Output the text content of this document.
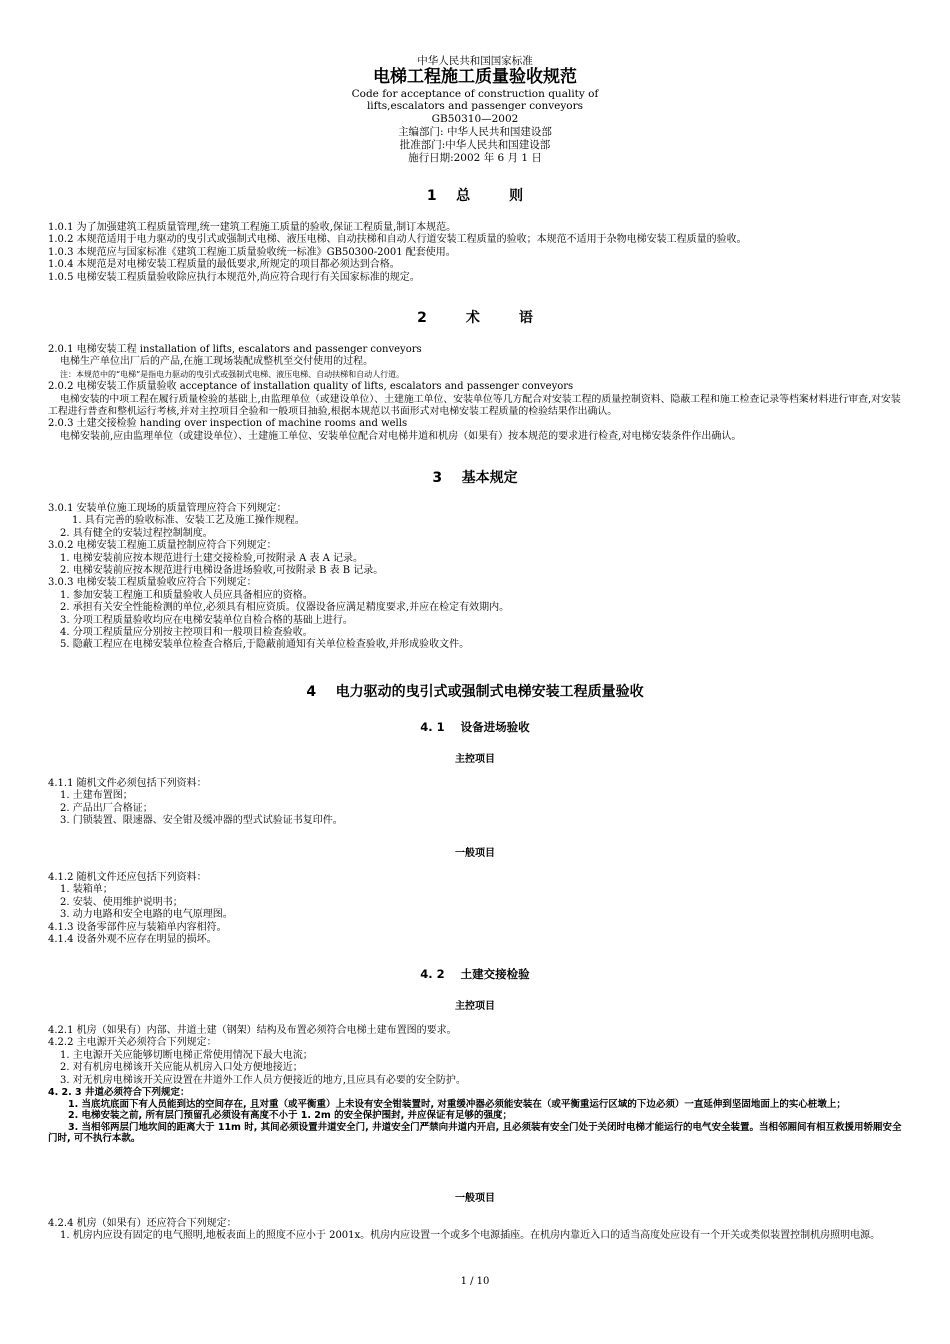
中华人民共和国国家标准
电梯工程施工质量验收规范
Code for acceptance of construction quality of
lifts,escalators and passenger conveyors
GB50310—2002
主编部门: 中华人民共和国建设部
批准部门:中华人民共和国建设部
施行日期:2002 年 6 月 1 日
1    总        则
1.0.1 为了加强建筑工程质量管理,统一建筑工程施工质量的验收,保证工程质量,制订本规范。
1.0.2 本规范适用于电力驱动的曳引式或强制式电梯、液压电梯、自动扶梯和自动人行道安装工程质量的验收；本规范不适用于杂物电梯安装工程质量的验收。
1.0.3 本规范应与国家标准《建筑工程施工质量验收统一标准》GB50300-2001 配套使用。
1.0.4 本规范是对电梯安装工程质量的最低要求,所规定的项目都必须达到合格。
1.0.5 电梯安装工程质量验收除应执行本规范外,尚应符合现行有关国家标准的规定。
2        术        语
2.0.1 电梯安装工程 installation of lifts, escalators and passenger conveyors
电梯生产单位出厂后的产品,在施工现场装配成整机至交付使用的过程。
注：本规范中的“电梯”是指电力驱动的曳引式或强制式电梯、液压电梯、自动扶梯和自动人行道。
2.0.2 电梯安装工作质量验收 acceptance of installation quality of lifts, escalators and passenger conveyors
电梯安装的中项工程在履行质量检验的基础上,由监理单位（或建设单位）、土建施工单位、安装单位等几方配合对安装工程的质量控制资料、隐蔽工程和施工检查记录等档案材料进行审查,对安装工程进行普查和整机运行考核,并对主控项目全验和一般项目抽验,根据本规范以书面形式对电梯安装工程质量的检验结果作出确认。
2.0.3 土建交接检验 handing over inspection of machine rooms and wells
电梯安装前,应由监理单位（或建设单位）、土建施工单位、安装单位配合对电梯井道和机房（如果有）按本规范的要求进行检查,对电梯安装条件作出确认。
3    基本规定
3.0.1 安装单位施工现场的质量管理应符合下列规定：
1. 具有完善的验收标准、安装工艺及施工操作规程。
2. 具有健全的安装过程控制制度。
3.0.2 电梯安装工程施工质量控制应符合下列规定：
1. 电梯安装前应按本规范进行土建交接检验,可按附录 A 表 A 记录。
2. 电梯安装前应按本规范进行电梯设备进场验收,可按附录 B 表 B 记录。
3.0.3 电梯安装工程质量验收应符合下列规定：
1. 参加安装工程施工和质量验收人员应具备相应的资格。
2. 承担有关安全性能检测的单位,必须具有相应资质。仪器设备应满足精度要求,并应在检定有效期内。
3. 分项工程质量验收均应在电梯安装单位自检合格的基础上进行。
4. 分项工程质量应分别按主控项目和一般项目检查验收。
5. 隐蔽工程应在电梯安装单位检查合格后,于隐蔽前通知有关单位检查验收,并形成验收文件。
4    电力驱动的曳引式或强制式电梯安装工程质量验收
4. 1    设备进场验收
主控项目
4.1.1 随机文件必须包括下列资料：
1. 土建布置图；
2. 产品出厂合格证；
3. 门锁装置、限速器、安全钳及缓冲器的型式试验证书复印件。
一般项目
4.1.2 随机文件还应包括下列资料：
1. 装箱单；
2. 安装、使用维护说明书；
3. 动力电路和安全电路的电气原理图。
4.1.3 设备零部件应与装箱单内容相符。
4.1.4 设备外观不应存在明显的损坏。
4. 2    土建交接检验
主控项目
4.2.1 机房（如果有）内部、井道土建（钢架）结构及布置必须符合电梯土建布置图的要求。
4.2.2 主电源开关必须符合下列规定：
1. 主电源开关应能够切断电梯正常使用情况下最大电流；
2. 对有机房电梯该开关应能从机房入口处方便地接近；
3. 对无机房电梯该开关应设置在井道外工作人员方便接近的地方,且应具有必要的安全防护。
4. 2. 3 井道必须符合下列规定：
1. 当底坑底面下有人员能到达的空间存在, 且对重（或平衡重）上未设有安全钳装置时, 对重缓冲器必须能安装在（或平衡重运行区域的下边必须）一直延伸到坚固地面上的实心桩墩上；
2. 电梯安装之前, 所有层门预留孔必须设有高度不小于 1. 2m 的安全保护围封, 并应保证有足够的强度；
3. 当相邻两层门地坎间的距离大于 11m 时, 其间必须设置井道安全门, 井道安全门严禁向井道内开启, 且必须装有安全门处于关闭时电梯才能运行的电气安全装置。当相邻厢间有相互救援用轿厢安全门时, 可不执行本款。
一般项目
4.2.4 机房（如果有）还应符合下列规定：
1. 机房内应设有固定的电气照明,地板表面上的照度不应小于 2001x。机房内应设置一个或多个电源插座。在机房内靠近入口的适当高度处应设有一个开关或类似装置控制机房照明电源。
1 / 10
